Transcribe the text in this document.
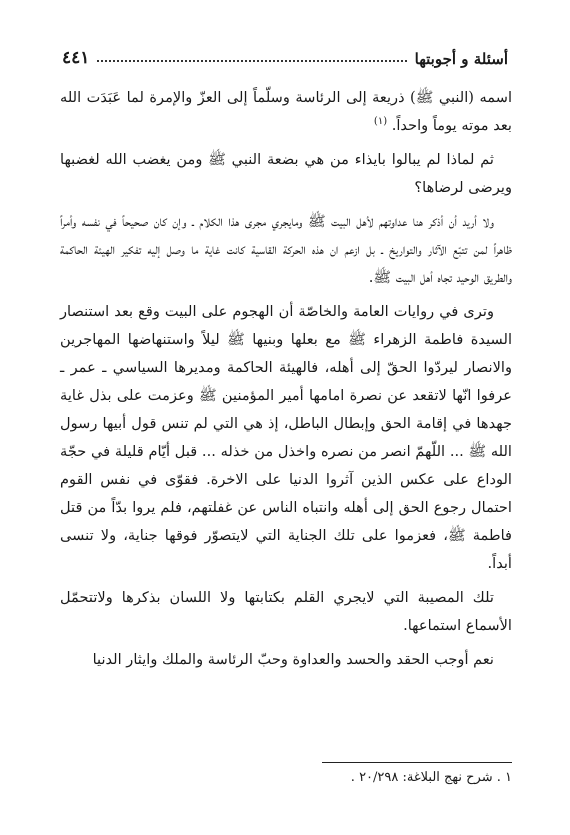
أسئلة و أجوبتها
٤٤١

اسمه (النبي ﷺ) ذريعة إلى الرئاسة وسلّماً إلى العزّ والإمرة لما عَبَدَت الله بعد موته يوماً واحداً. $^{(١)}$

ثم لماذا لم يبالوا بايذاء من هي بضعة النبي ﷺ ومن يغضب الله لغضبها ويرضى لرضاها؟

ولا أريد أن أذكر هنا عداوتهم لأهل البيت ﷺ ومايجري مجرى هذا الكلام ـ وإن كان صحيحاً في نفسه وأمراً ظاهراً لمن تتبّع الآثار والتواريخ ـ بل ازعم ان هذه الحركة القاسية كانت غاية ما وصل إليه تفكير الهيئة الحاكمة والطريق الوحيد تجاه أهل البيت ﷺ.

وترى في روايات العامة والخاصّة أن الهجوم على البيت وقع بعد استنصار السيدة فاطمة الزهراء ﷺ مع بعلها وبنيها ﷺ ليلاً واستنهاضها المهاجرين والانصار ليردّوا الحقّ إلى أهله، فالهيئة الحاكمة ومديرها السياسي ـ عمر ـ عرفوا انّها لاتقعد عن نصرة امامها أمير المؤمنين ﷺ وعزمت على بذل غاية جهدها في إقامة الحق وإبطال الباطل، إذ هي التي لم تنس قول أبيها رسول الله ﷺ ... اللّهمّ انصر من نصره واخذل من خذله ... قبل أيّام قليلة في حجّة الوداع على عكس الذين آثروا الدنيا على الاخرة. فقوّى في نفس القوم احتمال رجوع الحق إلى أهله وانتباه الناس عن غفلتهم، فلم يروا بدّاً من قتل فاطمة ﷺ، فعزموا على تلك الجناية التي لايتصوّر فوقها جناية، ولا تنسى أبداً.

تلك المصيبة التي لايجري القلم بكتابتها ولا اللسان بذكرها ولاتتحمّل الأسماع استماعها.

نعم أوجب الحقد والحسد والعداوة وحبّ الرئاسة والملك وايثار الدنيا

١ . شرح نهج البلاغة: ٢٠/٢٩٨ .
